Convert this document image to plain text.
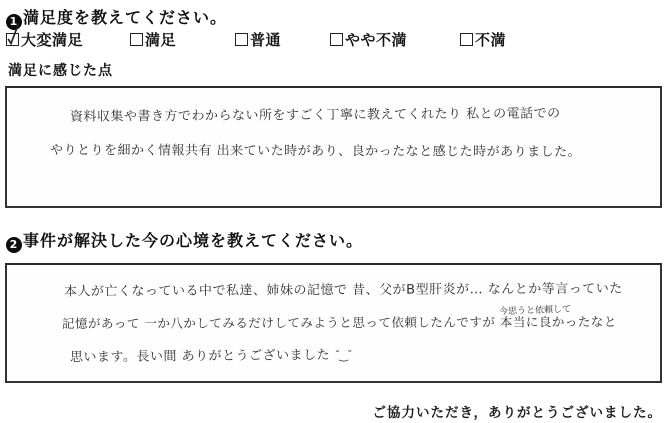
1 満足度を教えてください。
大変満足	満足	普通	やや不満	不満
満足に感じた点
資料収集や書き方でわからない所をすごく丁寧に教えてくれたり 私との電話での
やりとりを細かく情報共有 出来ていた時があり、良かったなと感じた時がありました。
2 事件が解決した今の心境を教えてください。
本人が亡くなっている中で私達、姉妹の記憶で 昔、父がB型肝炎が… なんとか等言っていた
今思うと依頼して
記憶があって 一か八かしてみるだけしてみようと思って依頼したんですが 本当に良かったなと
思います。長い間 ありがとうございました ˘‿˘
ご協力いただき，ありがとうございました。
